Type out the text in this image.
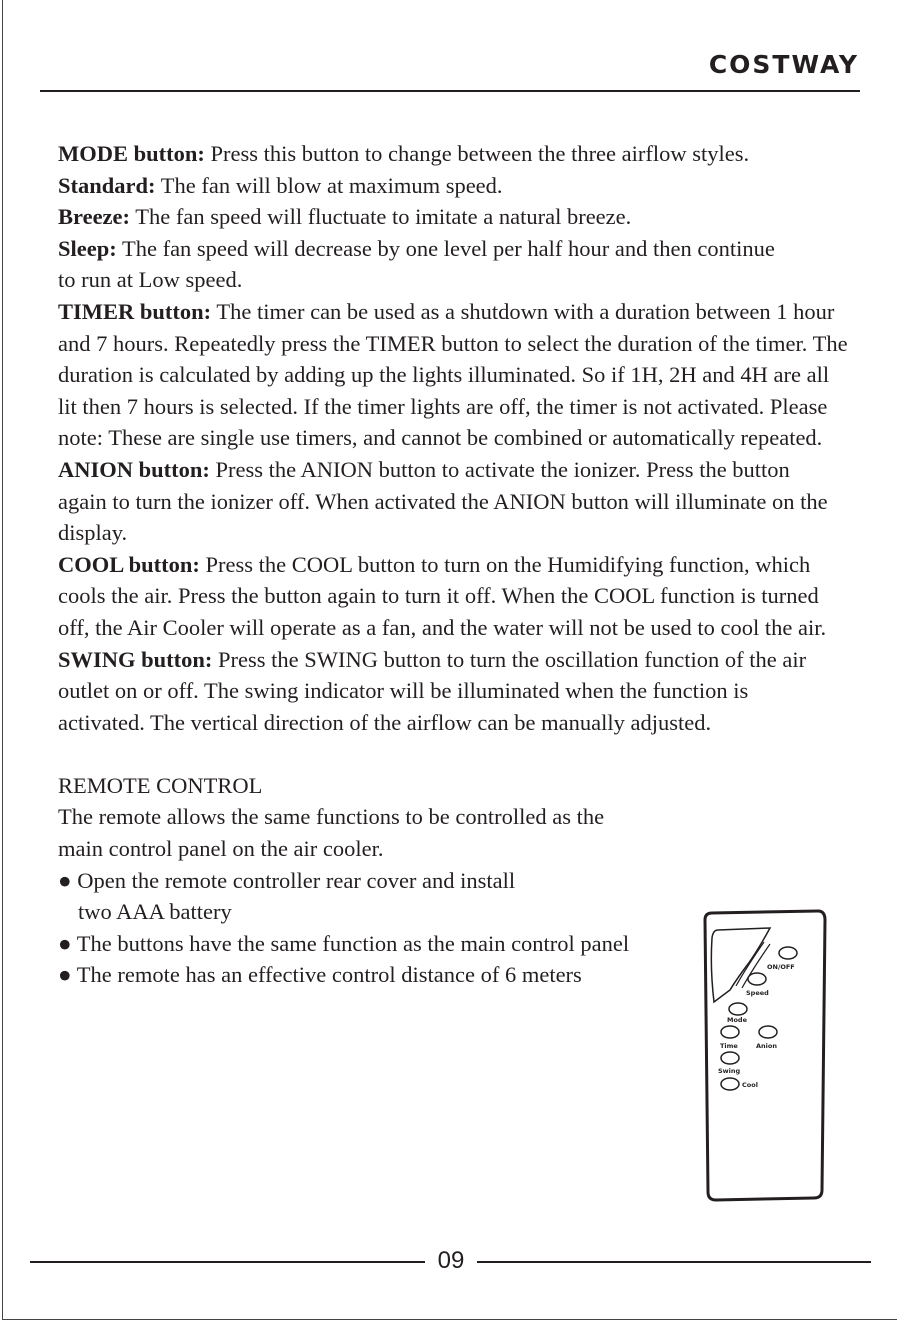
COSTWAY

MODE button: Press this button to change between the three airflow styles.

Standard: The fan will blow at maximum speed.

Breeze: The fan speed will fluctuate to imitate a natural breeze.

Sleep: The fan speed will decrease by one level per half hour and then continue to run at Low speed.

TIMER button: The timer can be used as a shutdown with a duration between 1 hour and 7 hours. Repeatedly press the TIMER button to select the duration of the timer. The duration is calculated by adding up the lights illuminated. So if 1H, 2H and 4H are all lit then 7 hours is selected. If the timer lights are off, the timer is not activated. Please note: These are single use timers, and cannot be combined or automatically repeated.

ANION button: Press the ANION button to activate the ionizer. Press the button again to turn the ionizer off. When activated the ANION button will illuminate on the display.

COOL button: Press the COOL button to turn on the Humidifying function, which cools the air. Press the button again to turn it off. When the COOL function is turned off, the Air Cooler will operate as a fan, and the water will not be used to cool the air.

SWING button: Press the SWING button to turn the oscillation function of the air outlet on or off. The swing indicator will be illuminated when the function is activated. The vertical direction of the airflow can be manually adjusted.

REMOTE CONTROL

The remote allows the same functions to be controlled as the main control panel on the air cooler.

● Open the remote controller rear cover and install

two AAA battery

● The buttons have the same function as the main control panel

● The remote has an effective control distance of 6 meters	ON/OFF
Speed
Mode
Time	Anion
Swing
Cool
09
